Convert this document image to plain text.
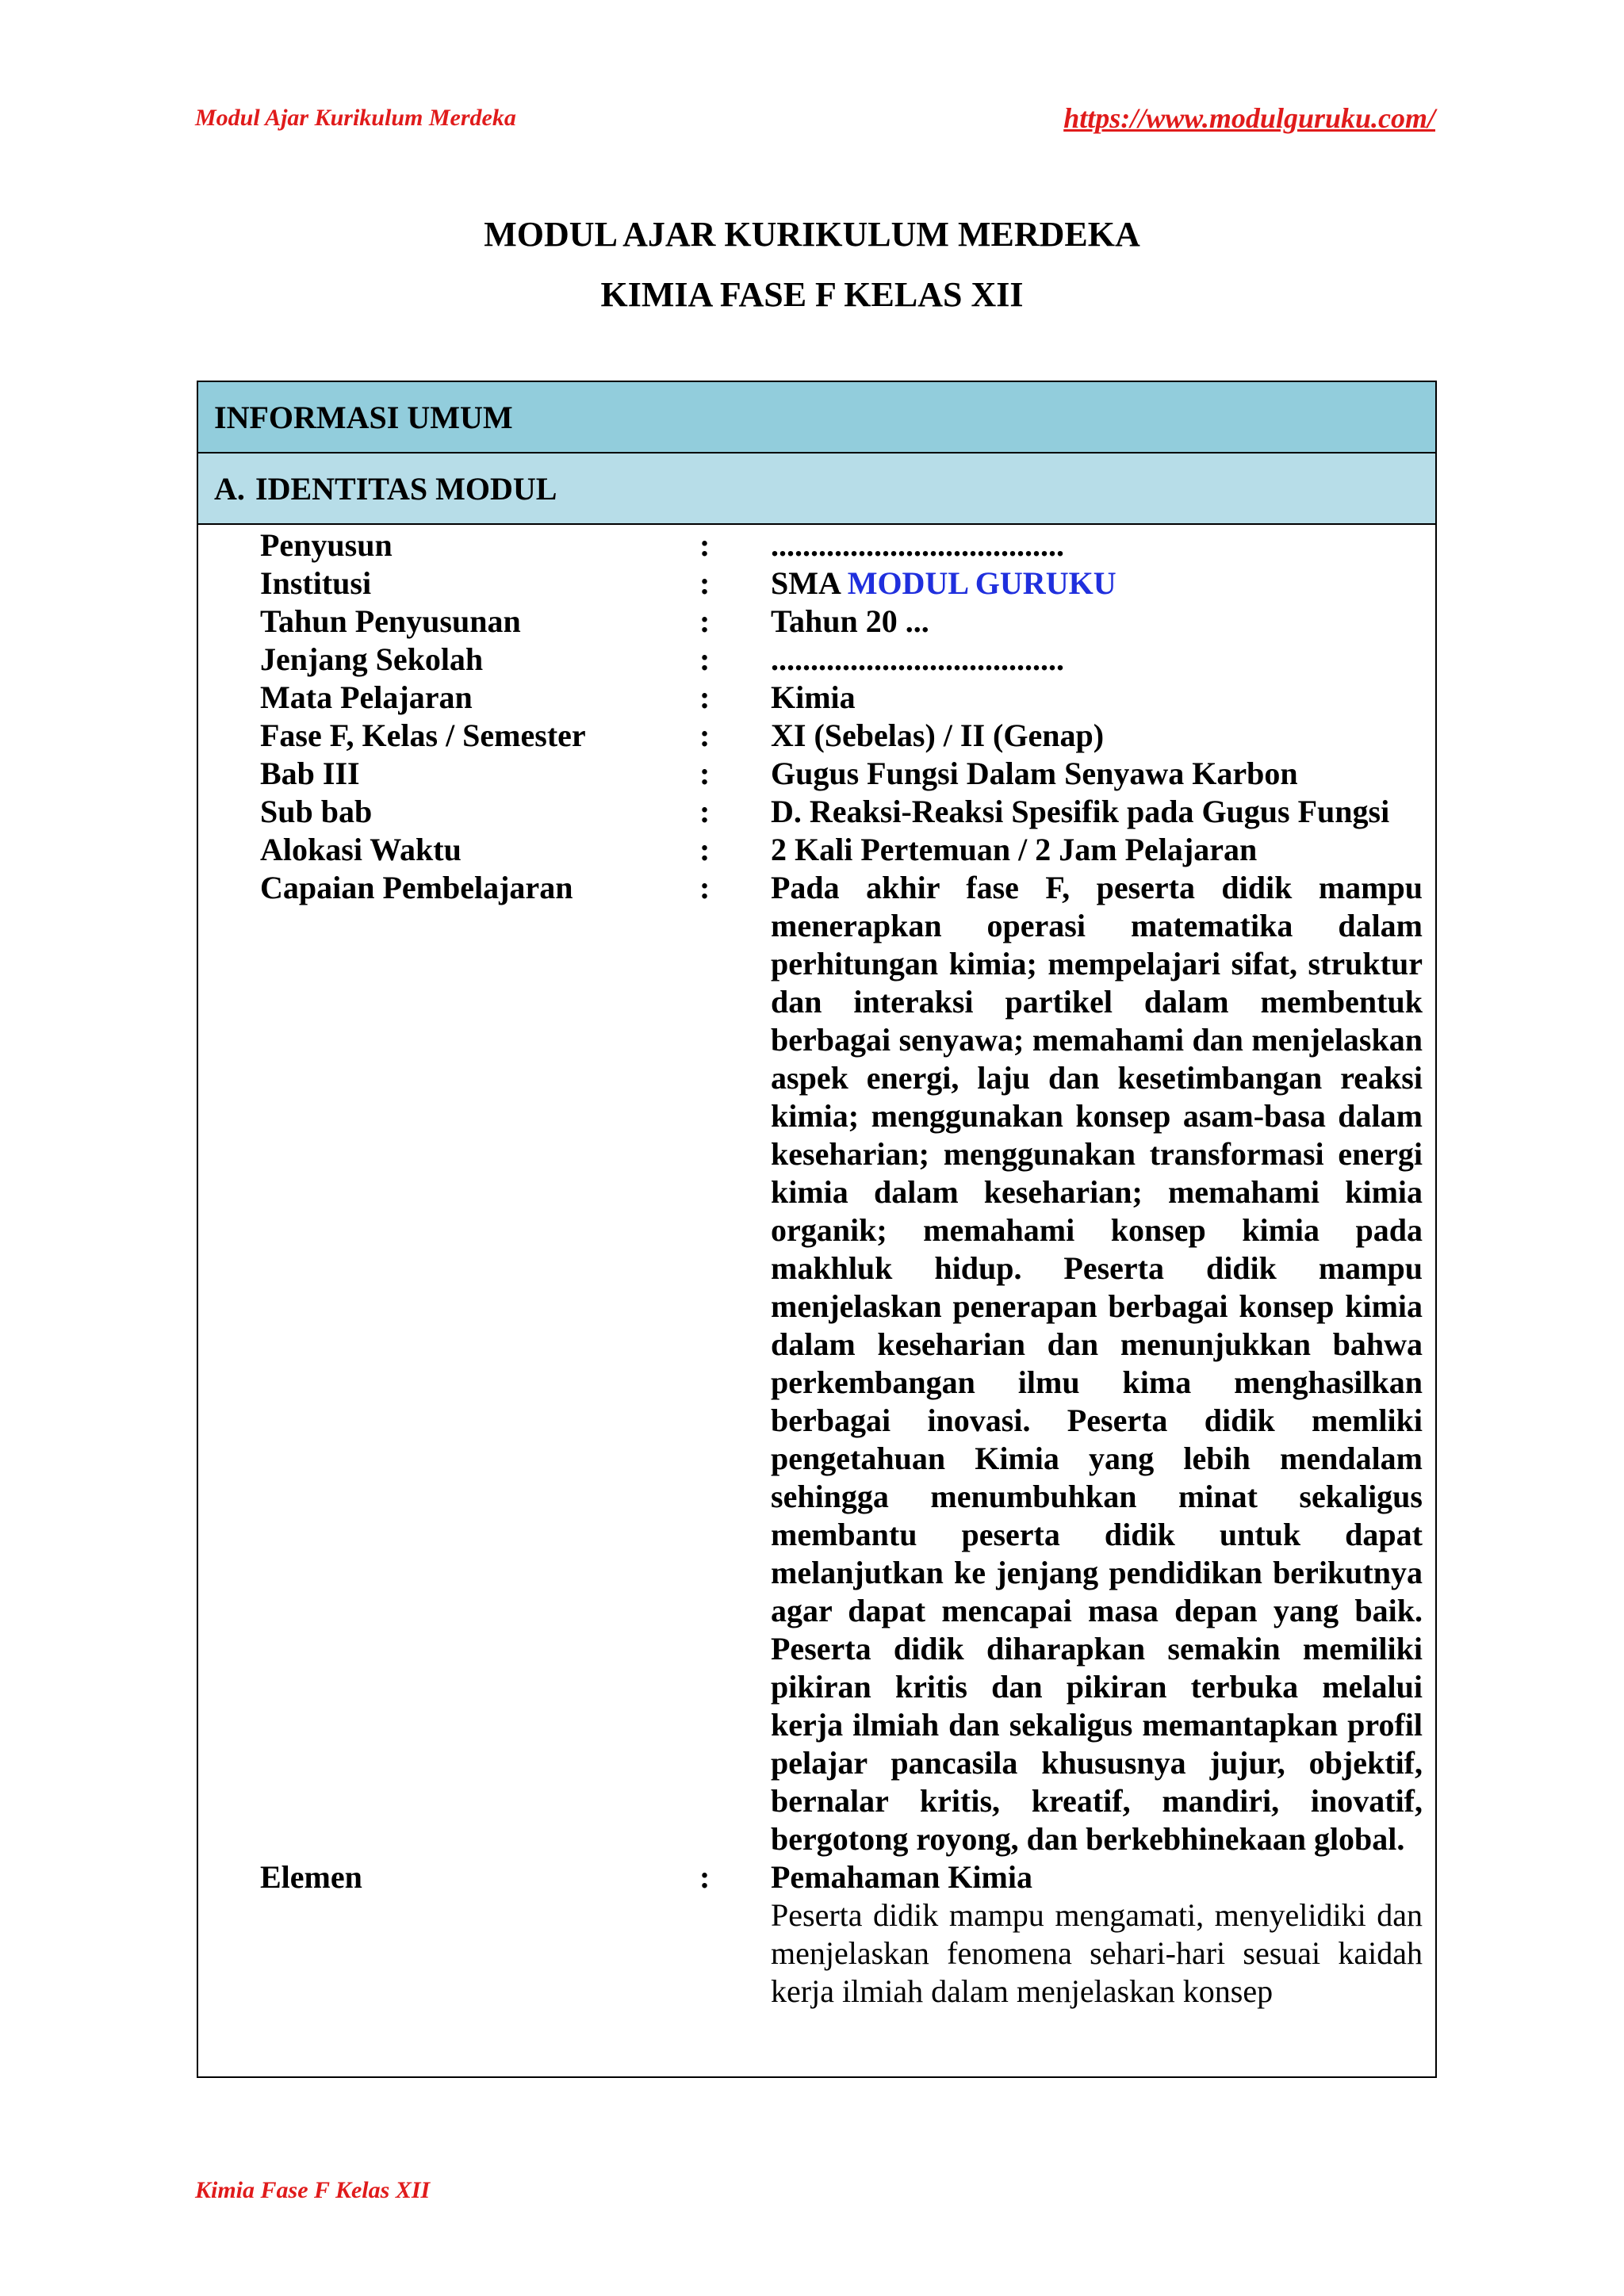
Modul Ajar Kurikulum Merdeka	https://www.modulguruku.com/
MODUL AJAR KURIKULUM MERDEKA
KIMIA FASE F KELAS XII
INFORMASI UMUM
A. IDENTITAS MODUL
Penyusun	: .....................................
Institusi	: SMA MODUL GURUKU
Tahun Penyusunan	: Tahun 20 ...
Jenjang Sekolah	: .....................................
Mata Pelajaran	: Kimia
Fase F, Kelas / Semester	: XI (Sebelas) / II (Genap)
Bab III	: Gugus Fungsi Dalam Senyawa Karbon
Sub bab	: D. Reaksi-Reaksi Spesifik pada Gugus Fungsi
Alokasi Waktu	: 2 Kali Pertemuan / 2 Jam Pelajaran
Capaian Pembelajaran	: Pada akhir fase F, peserta didik mampu menerapkan operasi matematika dalam perhitungan kimia; mempelajari sifat, struktur dan interaksi partikel dalam membentuk berbagai senyawa; memahami dan menjelaskan aspek energi, laju dan kesetimbangan reaksi kimia; menggunakan konsep asam-basa dalam keseharian; menggunakan transformasi energi kimia dalam keseharian; memahami kimia organik; memahami konsep kimia pada makhluk hidup. Peserta didik mampu menjelaskan penerapan berbagai konsep kimia dalam keseharian dan menunjukkan bahwa perkembangan ilmu kima menghasilkan berbagai inovasi. Peserta didik memliki pengetahuan Kimia yang lebih mendalam sehingga menumbuhkan minat sekaligus membantu peserta didik untuk dapat melanjutkan ke jenjang pendidikan berikutnya agar dapat mencapai masa depan yang baik. Peserta didik diharapkan semakin memiliki pikiran kritis dan pikiran terbuka melalui kerja ilmiah dan sekaligus memantapkan profil pelajar pancasila khususnya jujur, objektif, bernalar kritis, kreatif, mandiri, inovatif, bergotong royong, dan berkebhinekaan global.
Elemen	: Pemahaman Kimia
Peserta didik mampu mengamati, menyelidiki dan menjelaskan fenomena sehari-hari sesuai kaidah kerja ilmiah dalam menjelaskan konsep
Kimia Fase F Kelas XII
